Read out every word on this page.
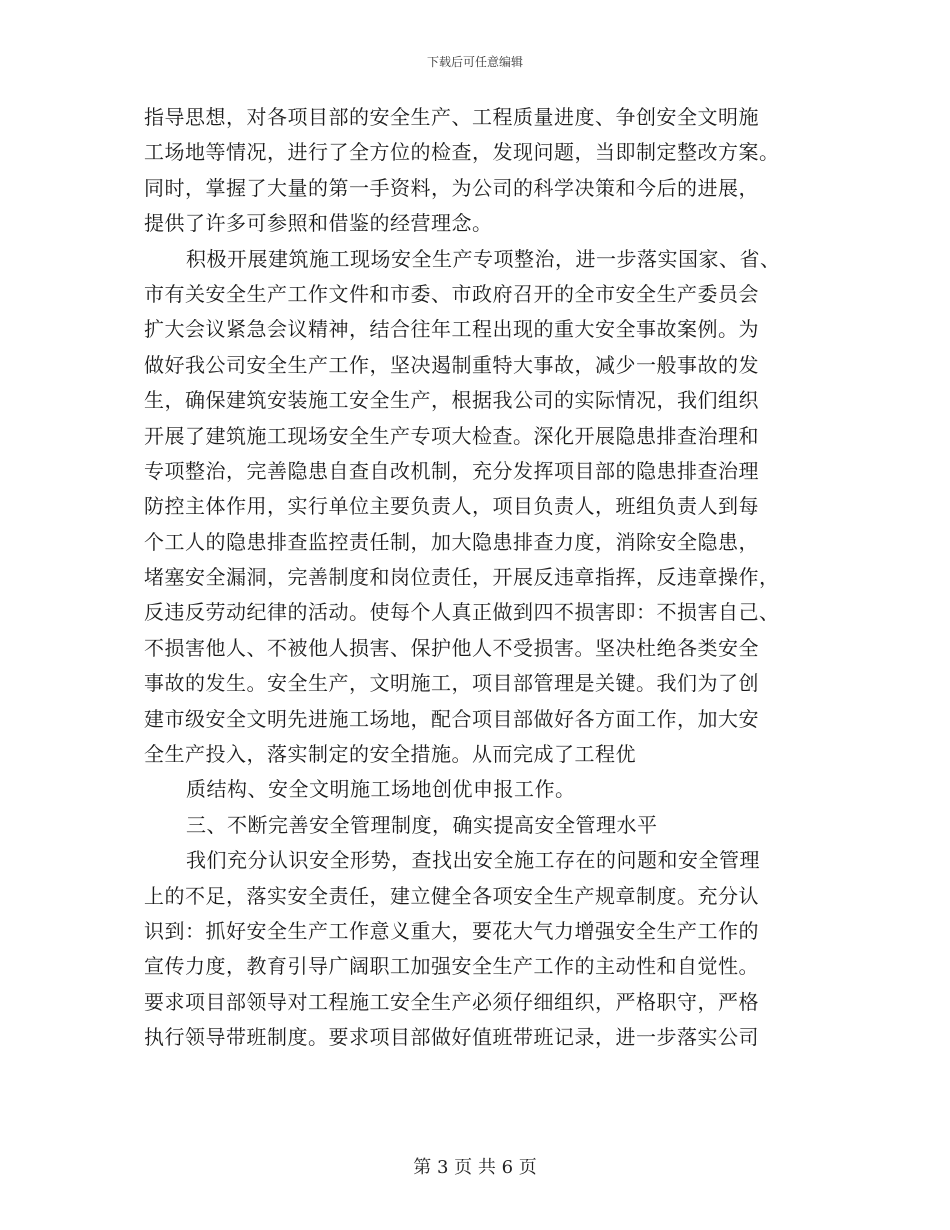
下载后可任意编辑
指导思想，对各项目部的安全生产、工程质量进度、争创安全文明施
工场地等情况，进行了全方位的检查，发现问题，当即制定整改方案。
同时，掌握了大量的第一手资料，为公司的科学决策和今后的进展，
提供了许多可参照和借鉴的经营理念。
积极开展建筑施工现场安全生产专项整治，进一步落实国家、省、
市有关安全生产工作文件和市委、市政府召开的全市安全生产委员会
扩大会议紧急会议精神，结合往年工程出现的重大安全事故案例。为
做好我公司安全生产工作，坚决遏制重特大事故，减少一般事故的发
生，确保建筑安装施工安全生产，根据我公司的实际情况，我们组织
开展了建筑施工现场安全生产专项大检查。深化开展隐患排查治理和
专项整治，完善隐患自查自改机制，充分发挥项目部的隐患排查治理
防控主体作用，实行单位主要负责人，项目负责人，班组负责人到每
个工人的隐患排查监控责任制，加大隐患排查力度，消除安全隐患，
堵塞安全漏洞，完善制度和岗位责任，开展反违章指挥，反违章操作，
反违反劳动纪律的活动。使每个人真正做到四不损害即：不损害自己、
不损害他人、不被他人损害、保护他人不受损害。坚决杜绝各类安全
事故的发生。安全生产，文明施工，项目部管理是关键。我们为了创
建市级安全文明先进施工场地，配合项目部做好各方面工作，加大安
全生产投入，落实制定的安全措施。从而完成了工程优
质结构、安全文明施工场地创优申报工作。
三、不断完善安全管理制度，确实提高安全管理水平
我们充分认识安全形势，查找出安全施工存在的问题和安全管理
上的不足，落实安全责任，建立健全各项安全生产规章制度。充分认
识到：抓好安全生产工作意义重大，要花大气力增强安全生产工作的
宣传力度，教育引导广阔职工加强安全生产工作的主动性和自觉性。
要求项目部领导对工程施工安全生产必须仔细组织，严格职守，严格
执行领导带班制度。要求项目部做好值班带班记录，进一步落实公司
第 3 页 共 6 页
